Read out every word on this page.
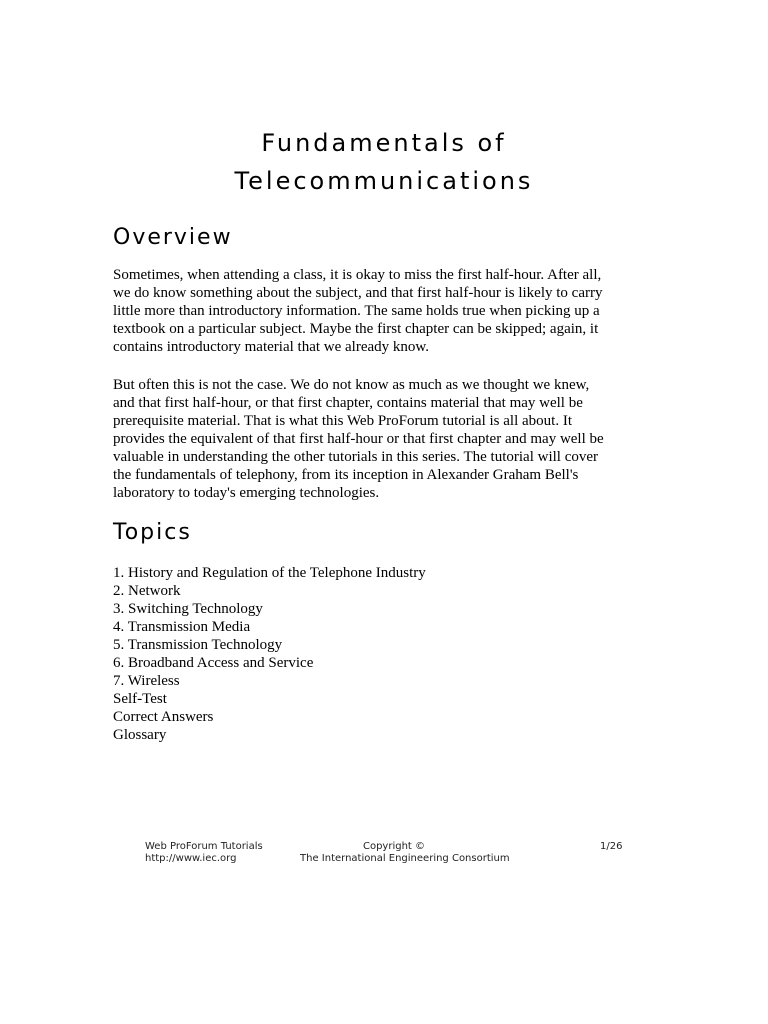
Fundamentals of
Telecommunications
Overview

Sometimes, when attending a class, it is okay to miss the first half-hour. After all, we do know something about the subject, and that first half-hour is likely to carry little more than introductory information. The same holds true when picking up a textbook on a particular subject. Maybe the first chapter can be skipped; again, it contains introductory material that we already know.

But often this is not the case. We do not know as much as we thought we knew, and that first half-hour, or that first chapter, contains material that may well be prerequisite material. That is what this Web ProForum tutorial is all about. It provides the equivalent of that first half-hour or that first chapter and may well be valuable in understanding the other tutorials in this series. The tutorial will cover the fundamentals of telephony, from its inception in Alexander Graham Bell's laboratory to today's emerging technologies.

Topics
1. History and Regulation of the Telephone Industry
2. Network
3. Switching Technology
4. Transmission Media
5. Transmission Technology
6. Broadband Access and Service
7. Wireless
Self-Test
Correct Answers
Glossary
Web ProForum Tutorials
http://www.iec.org
Copyright ©
The International Engineering Consortium
1/26
